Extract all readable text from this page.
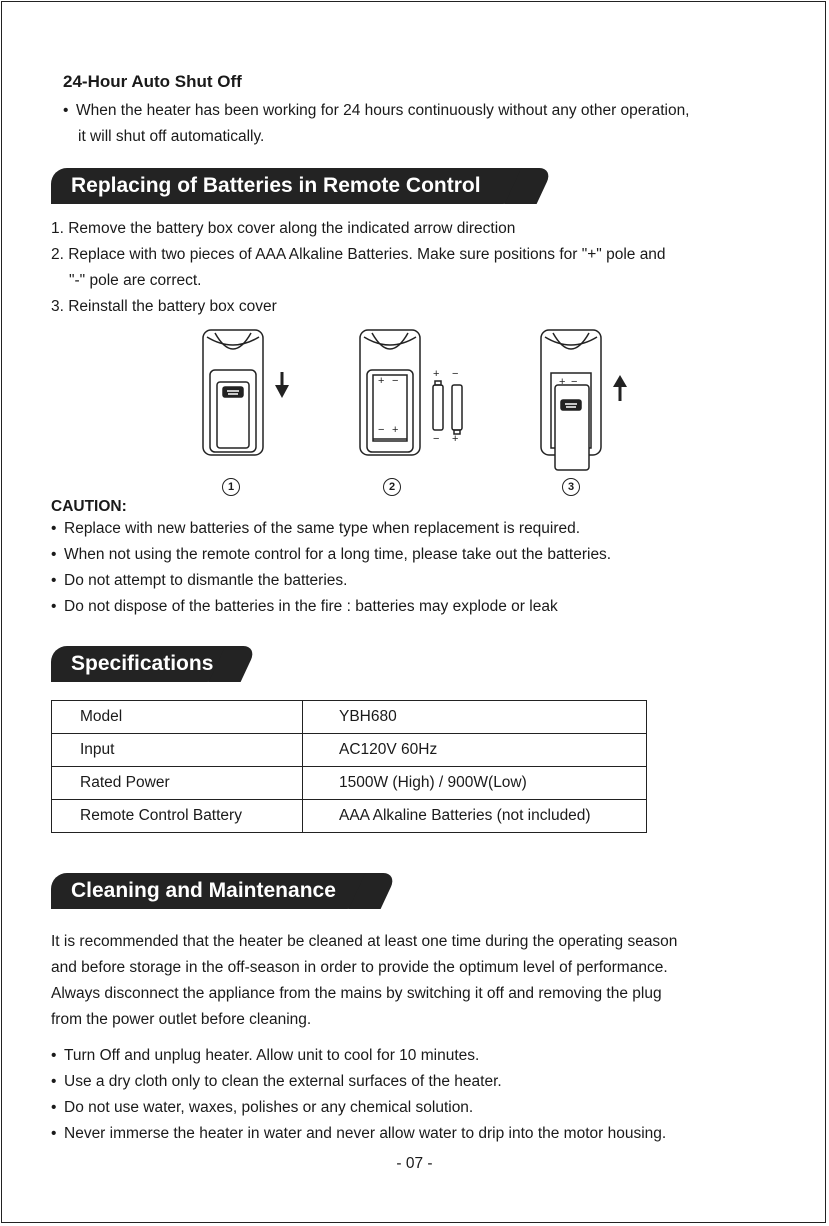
24-Hour Auto Shut Off
• When the heater has been working for 24 hours continuously without any other operation,
it will shut off automatically.
Replacing of Batteries in Remote Control
1. Remove the battery box cover along the indicated arrow direction
2. Replace with two pieces of AAA Alkaline Batteries. Make sure positions for "+" pole and
"-" pole are correct.
3. Reinstall the battery box cover
+ −
− +
+ −
− +
+ −
1	2	3
CAUTION:
• Replace with new batteries of the same type when replacement is required.
• When not using the remote control for a long time, please take out the batteries.
• Do not attempt to dismantle the batteries.
• Do not dispose of the batteries in the fire : batteries may explode or leak
Specifications
Model	YBH680
Input	AC120V 60Hz
Rated Power	1500W (High) / 900W(Low)
Remote Control Battery	AAA Alkaline Batteries (not included)
Cleaning and Maintenance
It is recommended that the heater be cleaned at least one time during the operating season
and before storage in the off-season in order to provide the optimum level of performance.
Always disconnect the appliance from the mains by switching it off and removing the plug
from the power outlet before cleaning.
• Turn Off and unplug heater. Allow unit to cool for 10 minutes.
• Use a dry cloth only to clean the external surfaces of the heater.
• Do not use water, waxes, polishes or any chemical solution.
• Never immerse the heater in water and never allow water to drip into the motor housing.
- 07 -
